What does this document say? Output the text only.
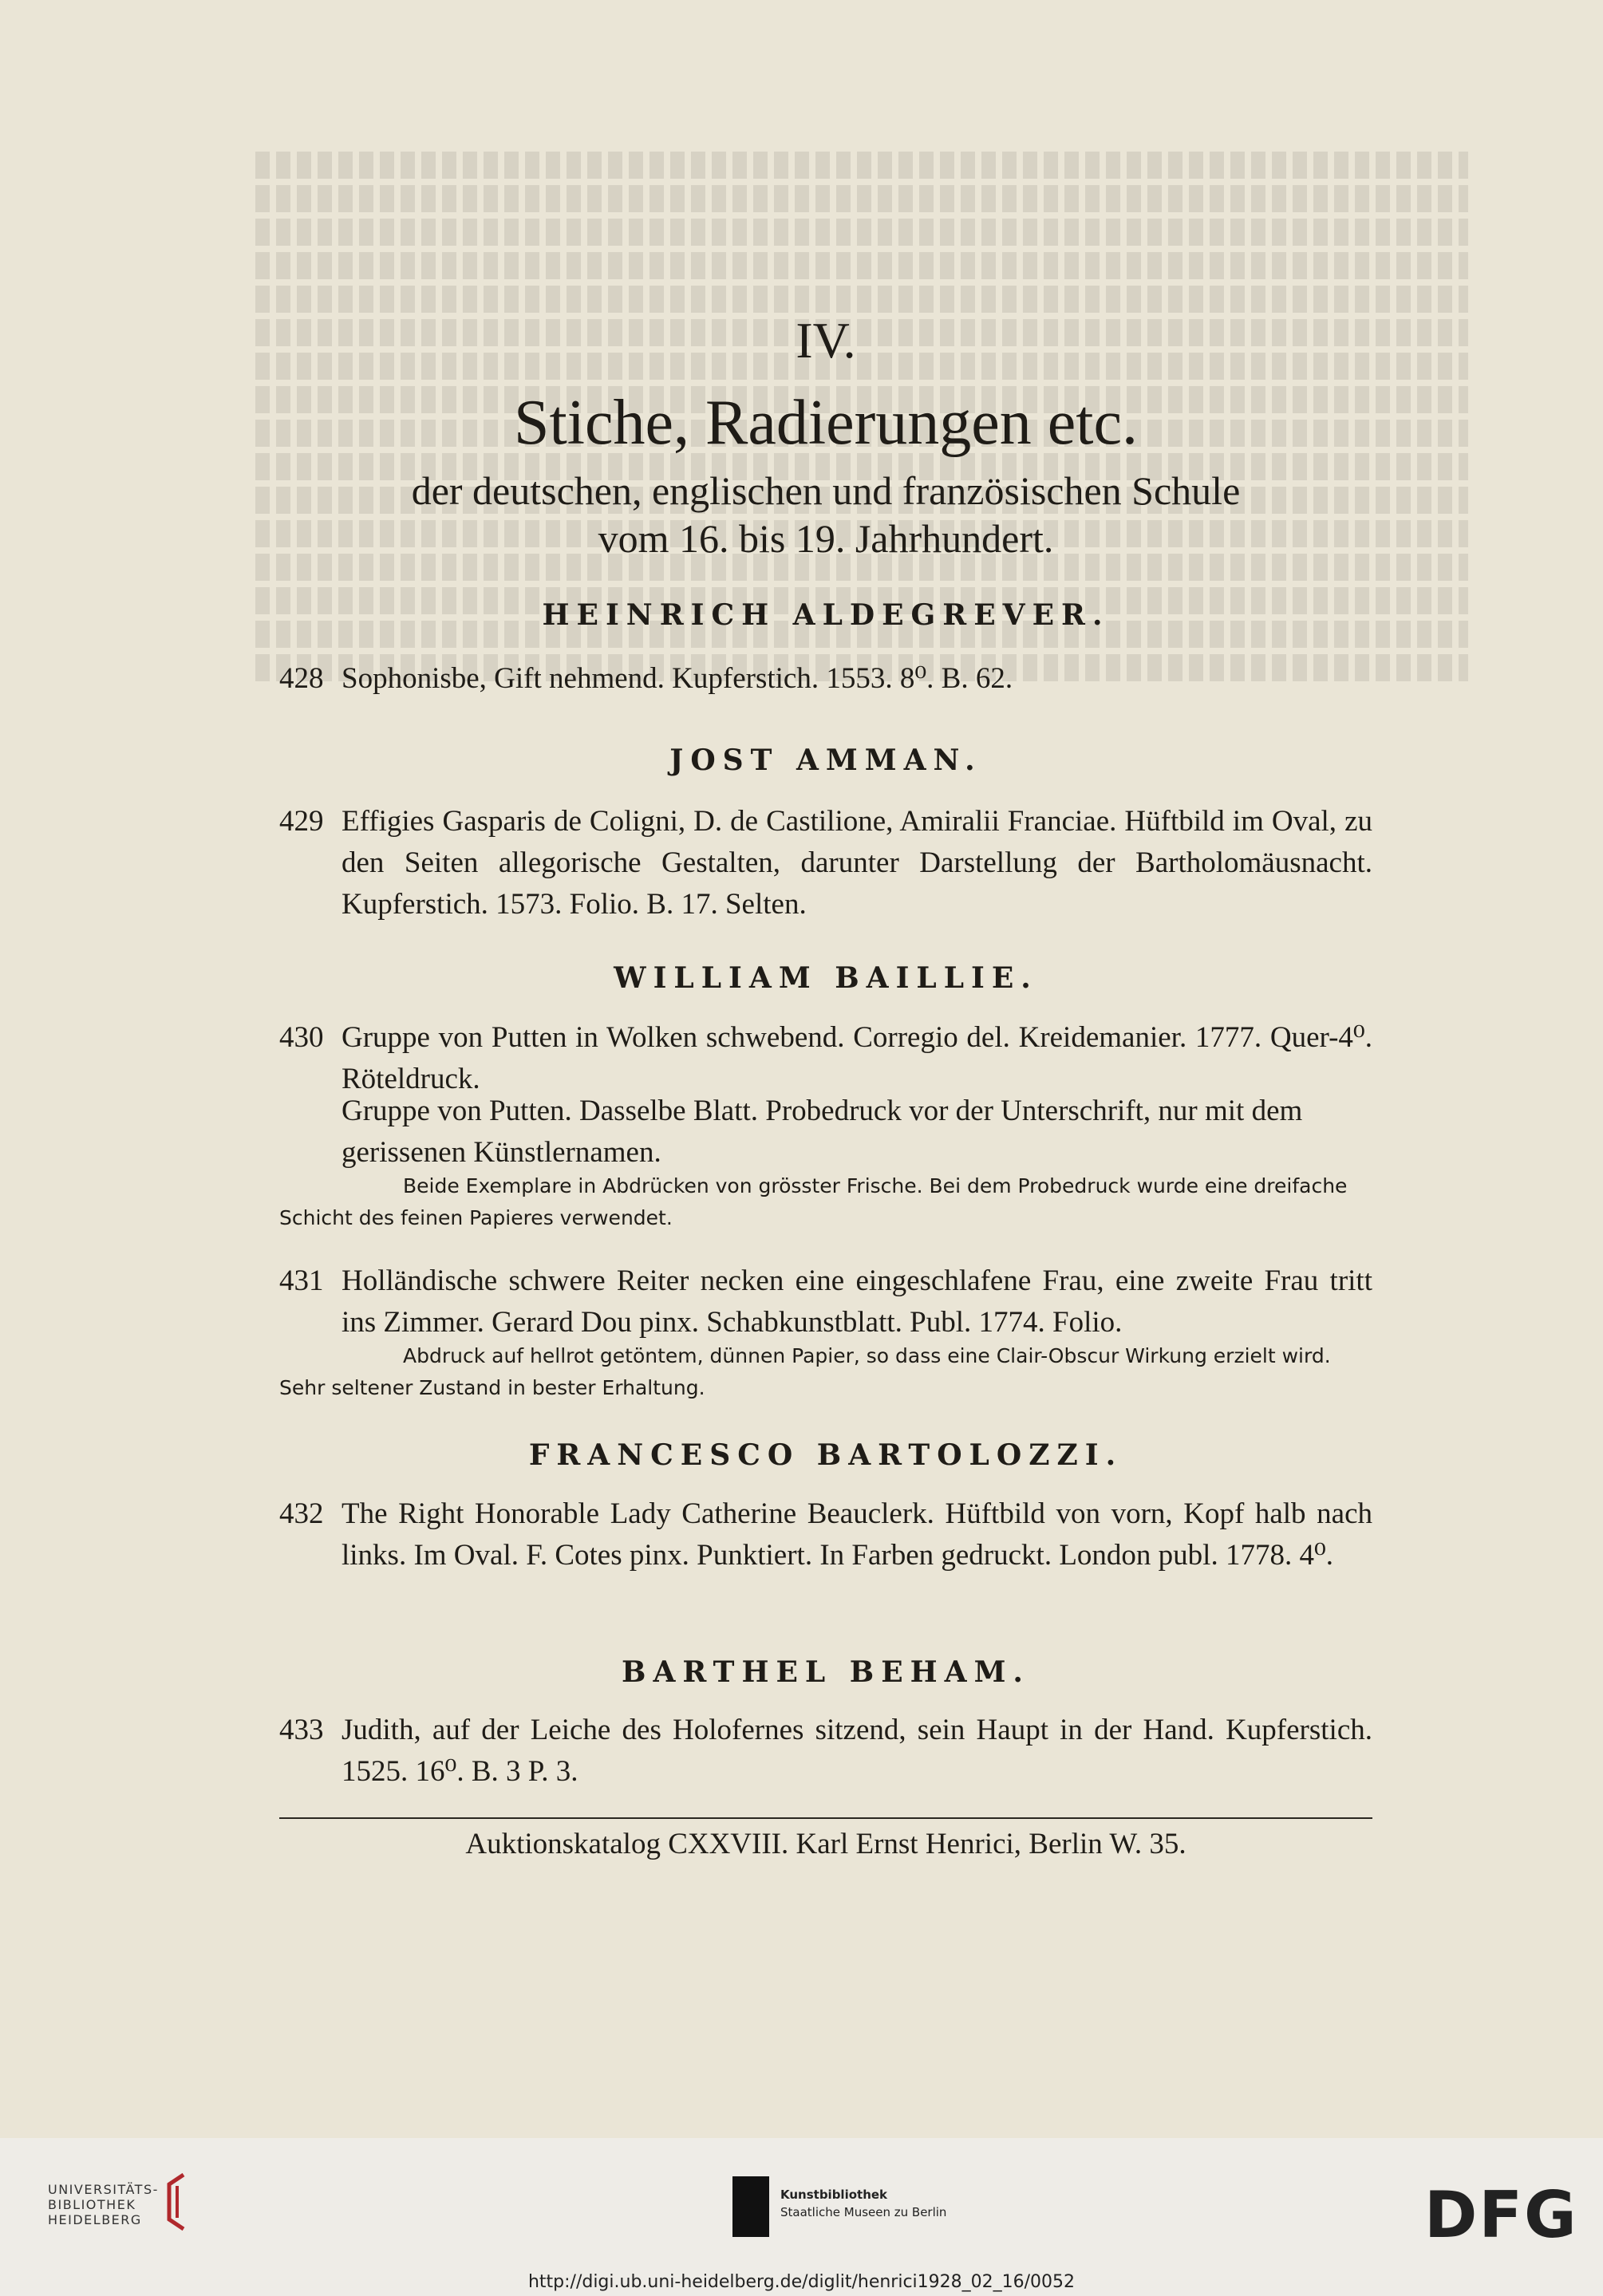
IV.
Stiche, Radierungen etc.
der deutschen, englischen und französischen Schule
vom 16. bis 19. Jahrhundert.
HEINRICH ALDEGREVER.
428 Sophonisbe, Gift nehmend. Kupferstich. 1553. 8⁰. B. 62.
JOST AMMAN.
429 Effigies Gasparis de Coligni, D. de Castilione, Amiralii Franciae. Hüftbild im Oval, zu den Seiten allegorische Gestalten, darunter Darstellung der Bartholomäusnacht. Kupferstich. 1573. Folio. B. 17. Selten.
WILLIAM BAILLIE.
430 Gruppe von Putten in Wolken schwebend. Corregio del. Kreidemanier. 1777. Quer-4⁰. Röteldruck.
Gruppe von Putten. Dasselbe Blatt. Probedruck vor der Unterschrift, nur mit dem gerissenen Künstlernamen.
Beide Exemplare in Abdrücken von grösster Frische. Bei dem Probedruck wurde eine dreifache Schicht des feinen Papieres verwendet.
431 Holländische schwere Reiter necken eine eingeschlafene Frau, eine zweite Frau tritt ins Zimmer. Gerard Dou pinx. Schabkunstblatt. Publ. 1774. Folio.
Abdruck auf hellrot getöntem, dünnen Papier, so dass eine Clair-Obscur Wirkung erzielt wird. Sehr seltener Zustand in bester Erhaltung.
FRANCESCO BARTOLOZZI.
432 The Right Honorable Lady Catherine Beauclerk. Hüftbild von vorn, Kopf halb nach links. Im Oval. F. Cotes pinx. Punktiert. In Farben gedruckt. London publ. 1778. 4⁰.
BARTHEL BEHAM.
433 Judith, auf der Leiche des Holofernes sitzend, sein Haupt in der Hand. Kupferstich. 1525. 16⁰. B. 3 P. 3.
Auktionskatalog CXXVIII. Karl Ernst Henrici, Berlin W. 35.
UNIVERSITÄTS-
BIBLIOTHEK
HEIDELBERG
Kunstbibliothek
Staatliche Museen zu Berlin	DFG
http://digi.ub.uni-heidelberg.de/diglit/henrici1928_02_16/0052
